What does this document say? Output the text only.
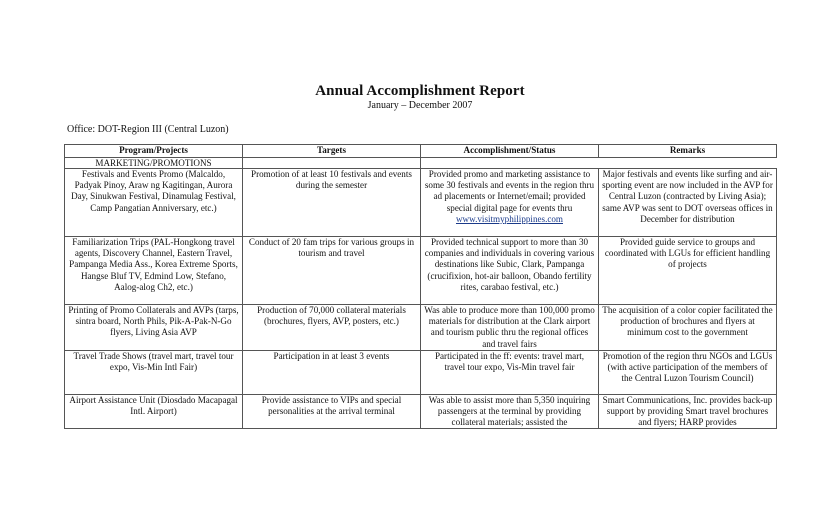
Annual Accomplishment Report
January – December 2007
Office: DOT-Region III (Central Luzon)
Program/Projects	Targets	Accomplishment/Status	Remarks
MARKETING/PROMOTIONS			
Festivals and Events Promo (Malcaldo, Padyak Pinoy, Araw ng Kagitingan, Aurora Day, Sinukwan Festival, Dinamulag Festival, Camp Pangatian Anniversary, etc.)	Promotion of at least 10 festivals and events during the semester	Provided promo and marketing assistance to some 30 festivals and events in the region thru ad placements or Internet/email; provided special digital page for events thru
www.visitmyphilippines.com	Major festivals and events like surfing and air-sporting event are now included in the AVP for Central Luzon (contracted by Living Asia); same AVP was sent to DOT overseas offices in December for distribution
Familiarization Trips (PAL-Hongkong travel agents, Discovery Channel, Eastern Travel, Pampanga Media Ass., Korea Extreme Sports, Hangse Bluf TV, Edmind Low, Stefano, Aalog-alog Ch2, etc.)	Conduct of 20 fam trips for various groups in tourism and travel	Provided technical support to more than 30 companies and individuals in covering various destinations like Subic, Clark, Pampanga (crucifixion, hot-air balloon, Obando fertility rites, carabao festival, etc.)	Provided guide service to groups and coordinated with LGUs for efficient handling of projects
Printing of Promo Collaterals and AVPs (tarps, sintra board, North Phils, Pik-A-Pak-N-Go flyers, Living Asia AVP	Production of 70,000 collateral materials (brochures, flyers, AVP, posters, etc.)	Was able to produce more than 100,000 promo materials for distribution at the Clark airport and tourism public thru the regional offices and travel fairs	The acquisition of a color copier facilitated the production of brochures and flyers at minimum cost to the government
Travel Trade Shows (travel mart, travel tour expo, Vis-Min Intl Fair)	Participation in at least 3 events	Participated in the ff: events: travel mart, travel tour expo, Vis-Min travel fair	Promotion of the region thru NGOs and LGUs (with active participation of the members of the Central Luzon Tourism Council)
Airport Assistance Unit (Diosdado Macapagal Intl. Airport)	Provide assistance to VIPs and special personalities at the arrival terminal	Was able to assist more than 5,350 inquiring passengers at the terminal by providing collateral materials; assisted the	Smart Communications, Inc. provides back-up support by providing Smart travel brochures and flyers; HARP provides
